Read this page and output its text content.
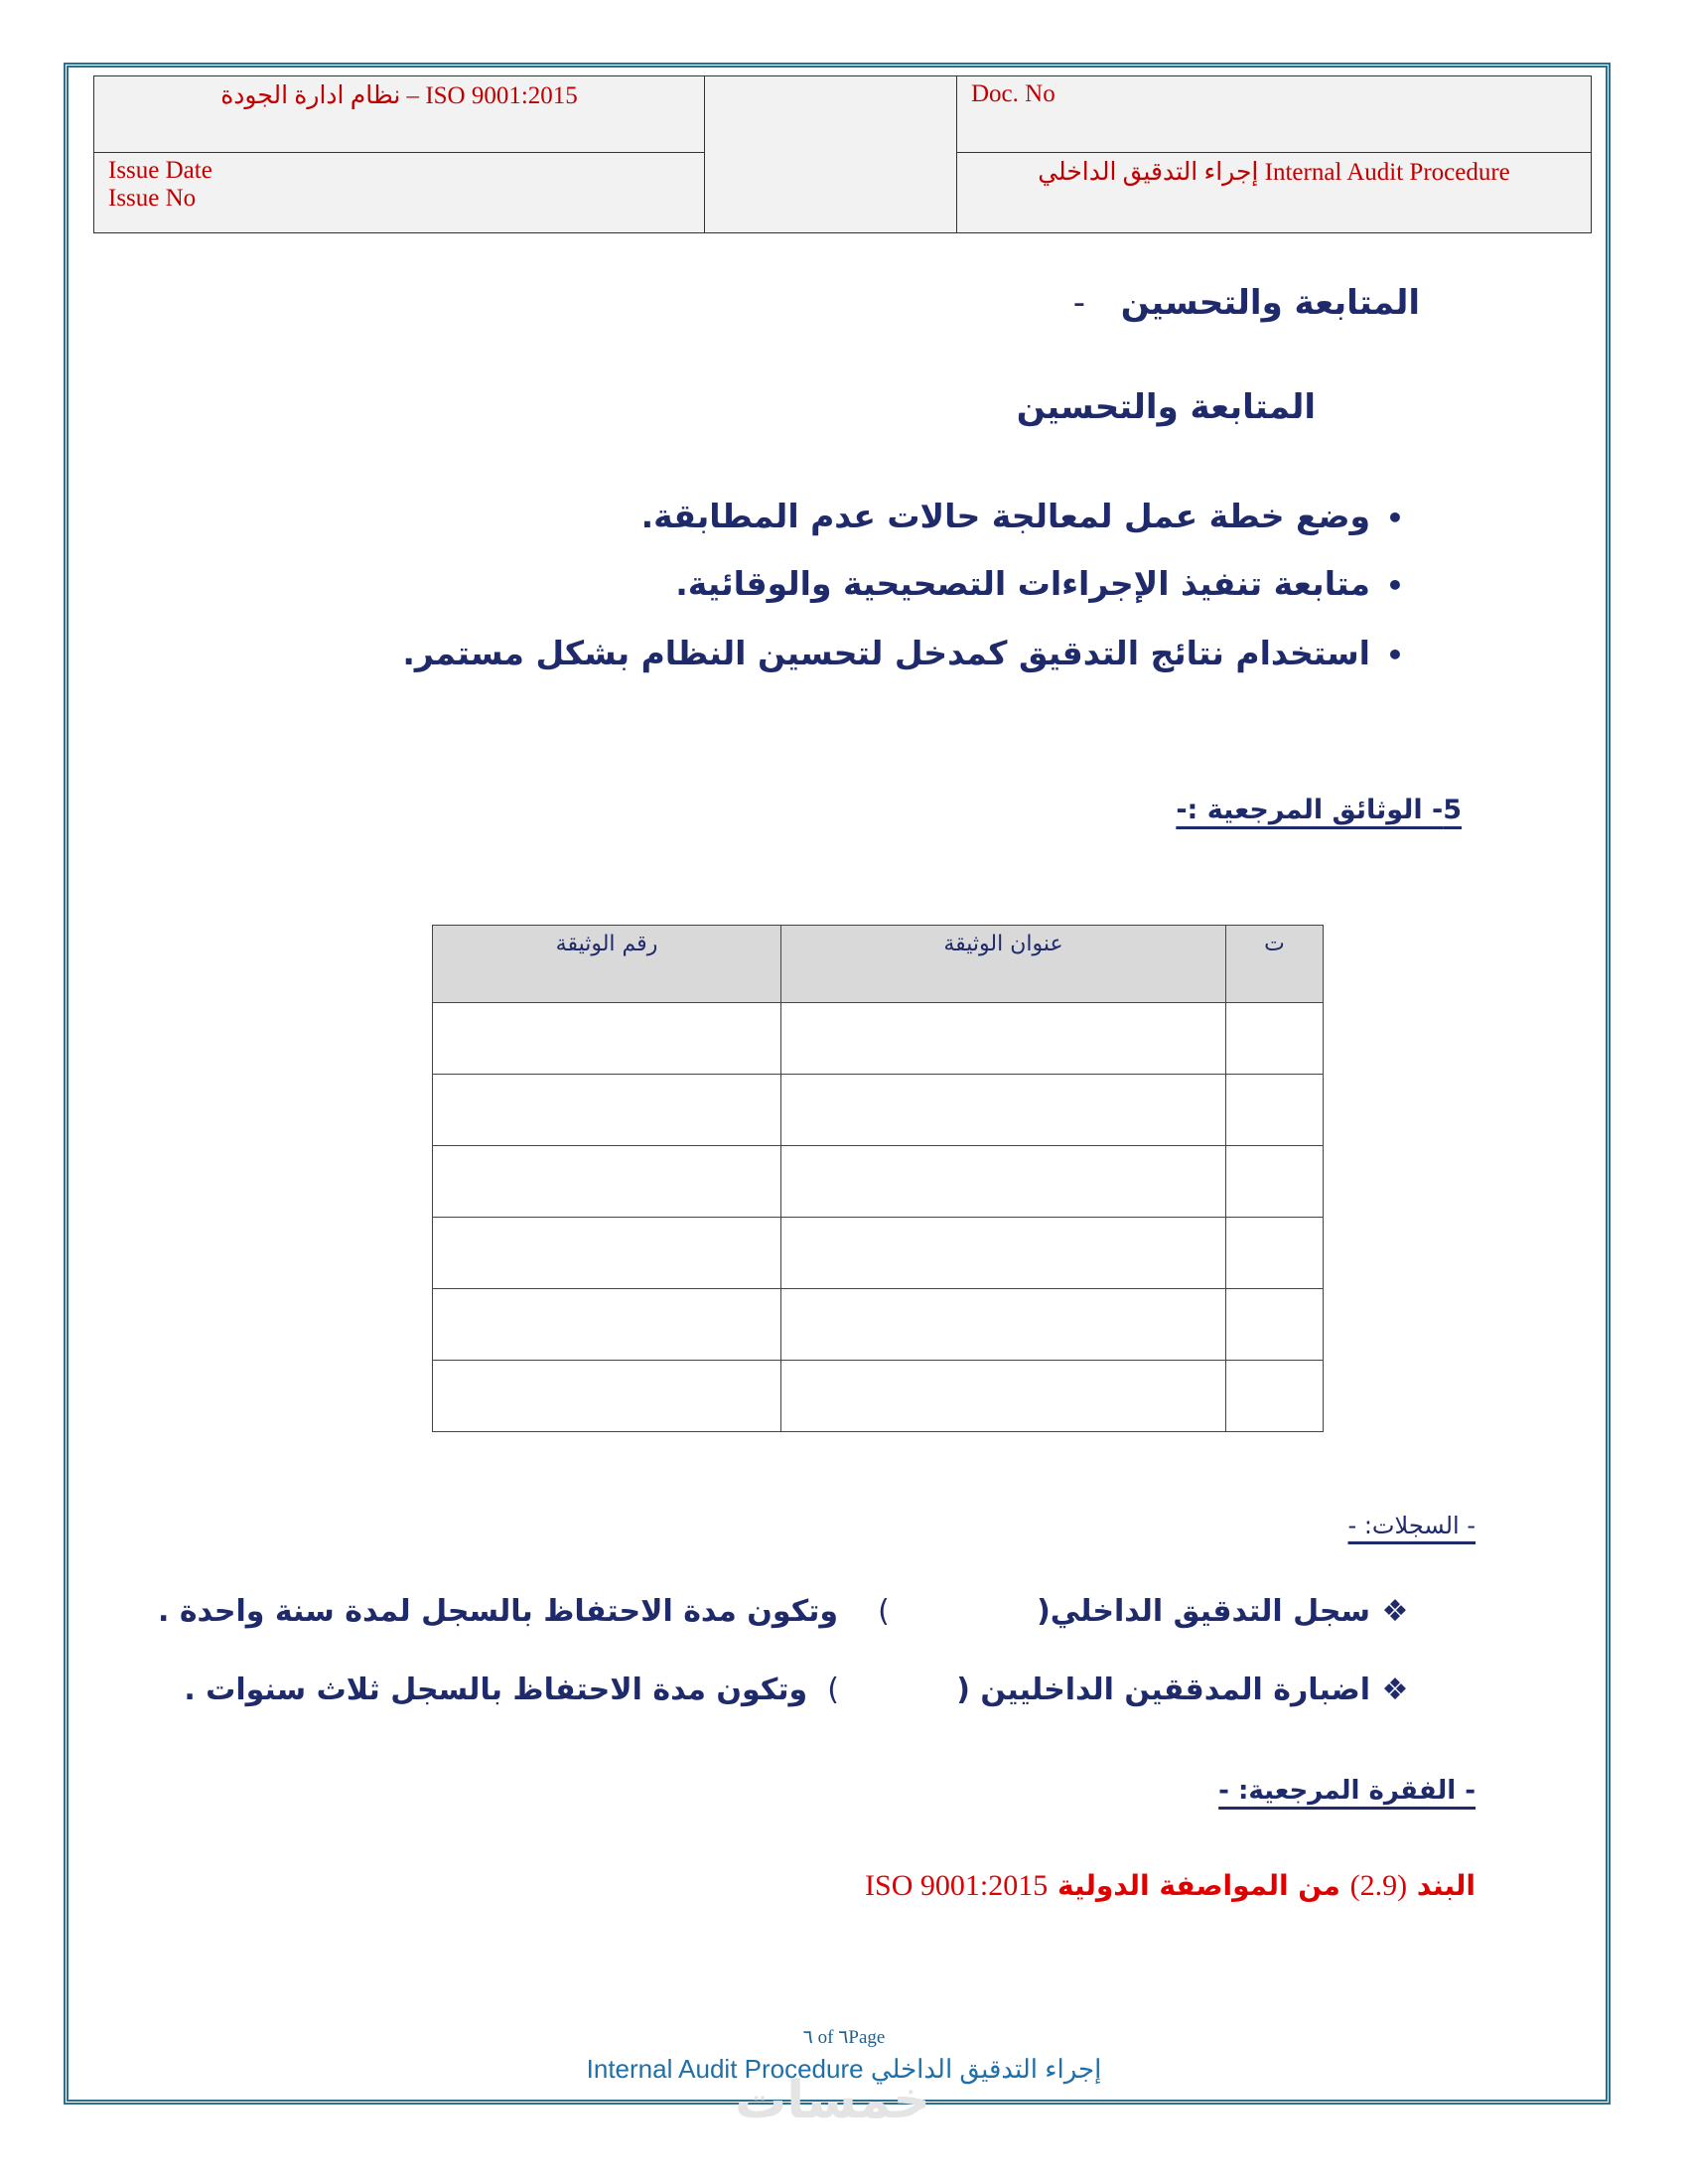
ISO 9001:2015 – نظام ادارة الجودة		Doc. No

Issue Date
Issue No		Internal Audit Procedure إجراء التدقيق الداخلي
المتابعة والتحسين -
المتابعة والتحسين
•وضع خطة عمل لمعالجة حالات عدم المطابقة.
•متابعة تنفيذ الإجراءات التصحيحية والوقائية.
•استخدام نتائج التدقيق كمدخل لتحسين النظام بشكل مستمر.
5- الوثائق المرجعية :-
رقم الوثيقة	عنوان الوثيقة	ت

- السجلات: -
❖سجل التدقيق الداخلي()وتكون مدة الاحتفاظ بالسجل لمدة سنة واحدة .
❖اضبارة المدققين الداخليين ()وتكون مدة الاحتفاظ بالسجل ثلاث سنوات .
- الفقرة المرجعية: -
البند (2.9) من المواصفة الدولية ISO 9001:2015
٦ of ٦Page
Internal Audit Procedure إجراء التدقيق الداخلي
خمسات
